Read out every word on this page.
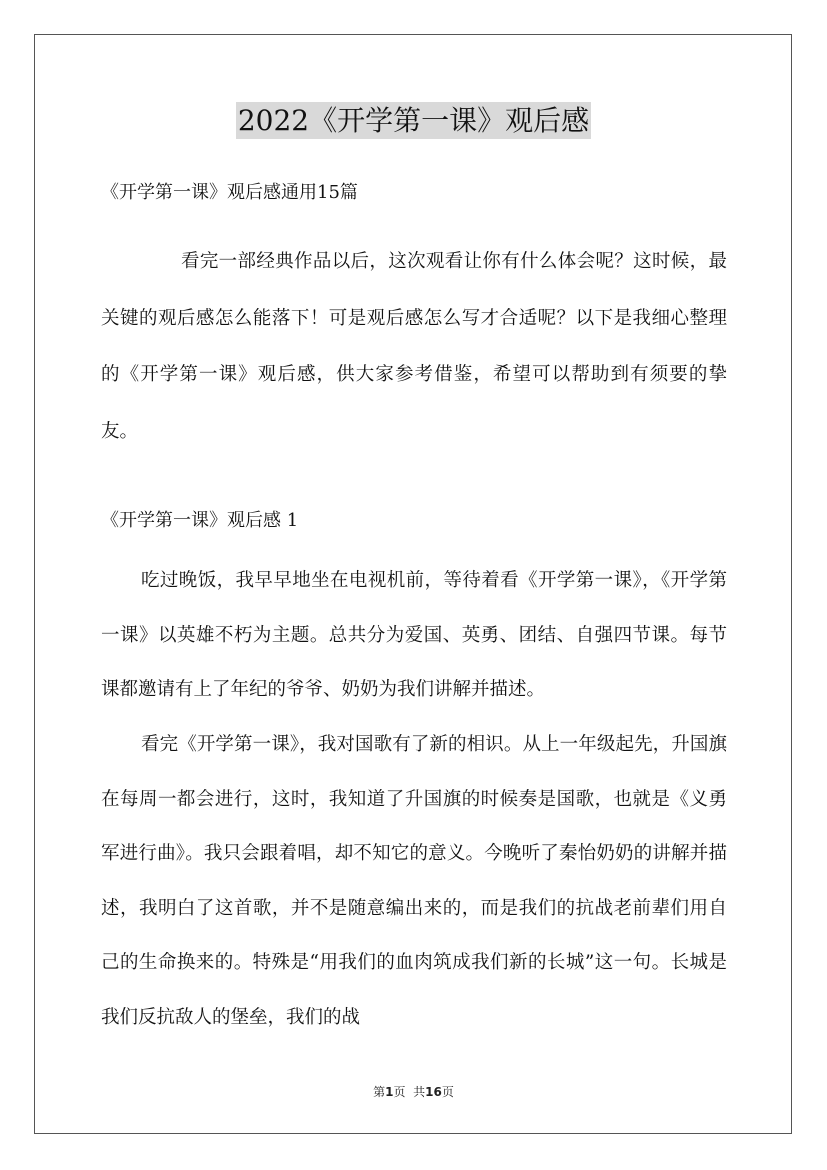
2022《开学第一课》观后感

《开学第一课》观后感通用15篇

看完一部经典作品以后，这次观看让你有什么体会呢？这时候，最关键的观后感怎么能落下！可是观后感怎么写才合适呢？以下是我细心整理的《开学第一课》观后感，供大家参考借鉴，希望可以帮助到有须要的挚友。

《开学第一课》观后感 1

吃过晚饭，我早早地坐在电视机前，等待着看《开学第一课》，《开学第一课》以英雄不朽为主题。总共分为爱国、英勇、团结、自强四节课。每节课都邀请有上了年纪的爷爷、奶奶为我们讲解并描述。

看完《开学第一课》，我对国歌有了新的相识。从上一年级起先，升国旗在每周一都会进行，这时，我知道了升国旗的时候奏是国歌，也就是《义勇军进行曲》。我只会跟着唱，却不知它的意义。今晚听了秦怡奶奶的讲解并描述，我明白了这首歌，并不是随意编出来的，而是我们的抗战老前辈们用自己的生命换来的。特殊是“用我们的血肉筑成我们新的长城”这一句。长城是我们反抗敌人的堡垒，我们的战

第1页 共16页
